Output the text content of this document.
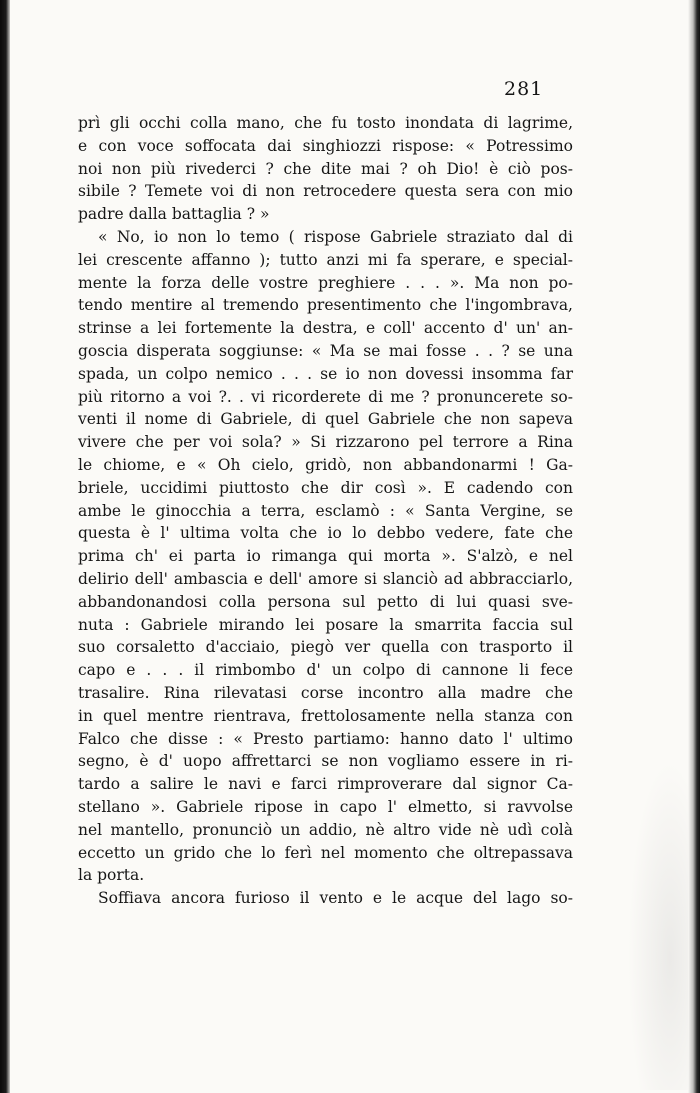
281
prì gli occhi colla mano, che fu tosto inondata di lagrime,
e con voce soffocata dai singhiozzi rispose: « Potressimo
noi non più rivederci ? che dite mai ? oh Dio! è ciò pos-
sibile ? Temete voi di non retrocedere questa sera con mio
padre dalla battaglia ? »
« No, io non lo temo ( rispose Gabriele straziato dal di
lei crescente affanno ); tutto anzi mi fa sperare, e special-
mente la forza delle vostre preghiere . . . ». Ma non po-
tendo mentire al tremendo presentimento che l'ingombrava,
strinse a lei fortemente la destra, e coll' accento d' un' an-
goscia disperata soggiunse: « Ma se mai fosse . . ? se una
spada, un colpo nemico . . . se io non dovessi insomma far
più ritorno a voi ?. . vi ricorderete di me ? pronuncerete so-
venti il nome di Gabriele, di quel Gabriele che non sapeva
vivere che per voi sola? » Si rizzarono pel terrore a Rina
le chiome, e « Oh cielo, gridò, non abbandonarmi ! Ga-
briele, uccidimi piuttosto che dir così ». E cadendo con
ambe le ginocchia a terra, esclamò : « Santa Vergine, se
questa è l' ultima volta che io lo debbo vedere, fate che
prima ch' ei parta io rimanga qui morta ». S'alzò, e nel
delirio dell' ambascia e dell' amore si slanciò ad abbracciarlo,
abbandonandosi colla persona sul petto di lui quasi sve-
nuta : Gabriele mirando lei posare la smarrita faccia sul
suo corsaletto d'acciaio, piegò ver quella con trasporto il
capo e . . . il rimbombo d' un colpo di cannone li fece
trasalire. Rina rilevatasi corse incontro alla madre che
in quel mentre rientrava, frettolosamente nella stanza con
Falco che disse : « Presto partiamo: hanno dato l' ultimo
segno, è d' uopo affrettarci se non vogliamo essere in ri-
tardo a salire le navi e farci rimproverare dal signor Ca-
stellano ». Gabriele ripose in capo l' elmetto, si ravvolse
nel mantello, pronunciò un addio, nè altro vide nè udì colà
eccetto un grido che lo ferì nel momento che oltrepassava
la porta.
Soffiava ancora furioso il vento e le acque del lago so-
